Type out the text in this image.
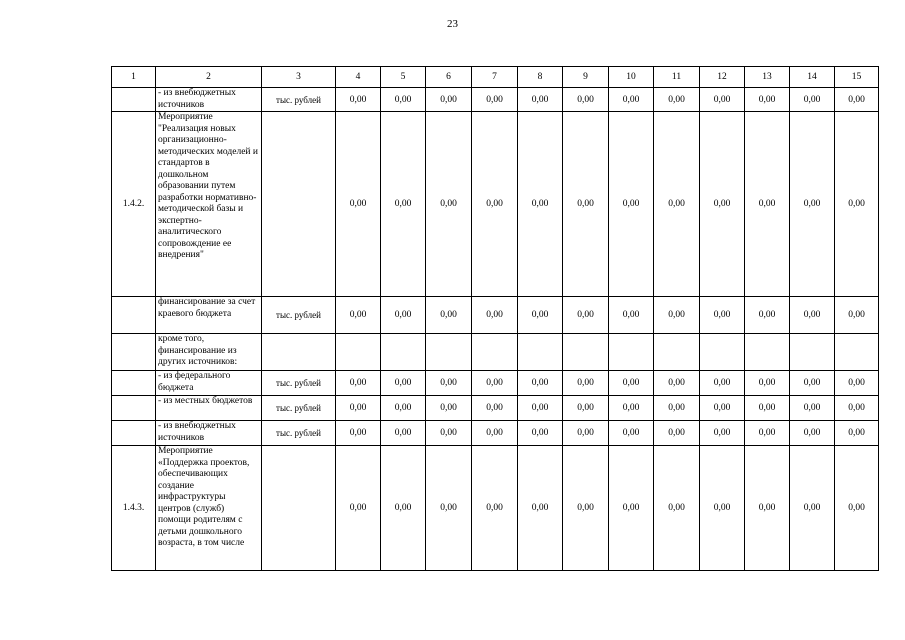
23
1	2	3	4	5	6	7	8	9	10	11	12	13	14	15
	- из внебюджетных источников	тыс. рублей	0,00	0,00	0,00	0,00	0,00	0,00	0,00	0,00	0,00	0,00	0,00	0,00
1.4.2.	Мероприятие "Реализация новых организационно-методических моделей и стандартов в дошкольном образовании путем разработки нормативно-методической базы и экспертно-аналитического сопровождение ее внедрения"		0,00	0,00	0,00	0,00	0,00	0,00	0,00	0,00	0,00	0,00	0,00	0,00
	финансирование за счет краевого бюджета	тыс. рублей	0,00	0,00	0,00	0,00	0,00	0,00	0,00	0,00	0,00	0,00	0,00	0,00
	кроме того, финансирование из других источников:													
	- из федерального бюджета	тыс. рублей	0,00	0,00	0,00	0,00	0,00	0,00	0,00	0,00	0,00	0,00	0,00	0,00
	- из местных бюджетов	тыс. рублей	0,00	0,00	0,00	0,00	0,00	0,00	0,00	0,00	0,00	0,00	0,00	0,00
	- из внебюджетных источников	тыс. рублей	0,00	0,00	0,00	0,00	0,00	0,00	0,00	0,00	0,00	0,00	0,00	0,00
1.4.3.	Мероприятие «Поддержка проектов, обеспечивающих создание инфраструктуры центров (служб) помощи родителям с детьми дошкольного возраста, в том числе		0,00	0,00	0,00	0,00	0,00	0,00	0,00	0,00	0,00	0,00	0,00	0,00
